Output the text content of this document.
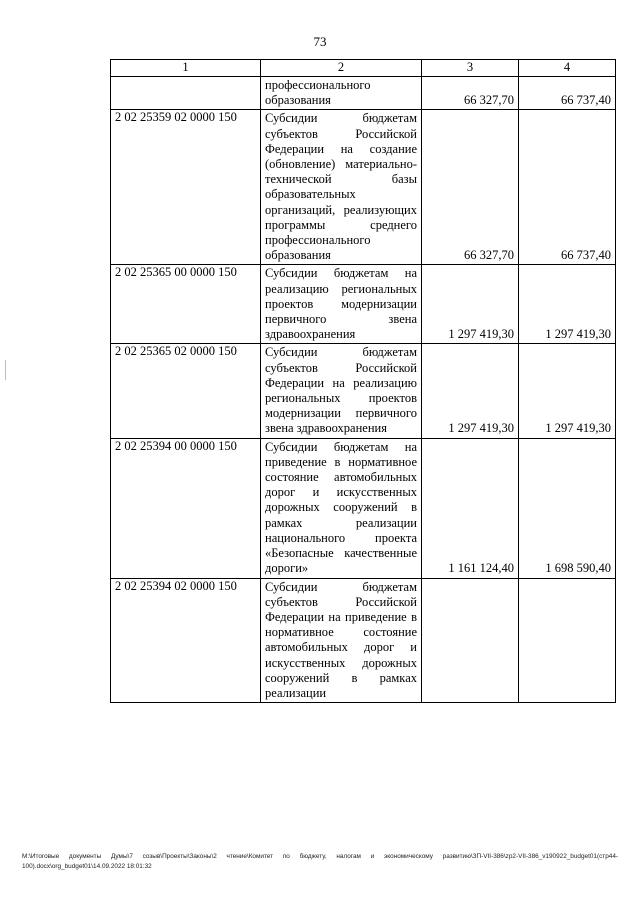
73
1	2	3	4
	профессионального образования	66 327,70	66 737,40
2 02 25359 02 0000 150	Субсидии бюджетам субъектов Российской Федерации на создание (обновление) материально-технической базы образовательных организаций, реализующих программы среднего профессионального образования	66 327,70	66 737,40
2 02 25365 00 0000 150	Субсидии бюджетам на реализацию региональных проектов модернизации первичного звена здравоохранения	1 297 419,30	1 297 419,30
2 02 25365 02 0000 150	Субсидии бюджетам субъектов Российской Федерации на реализацию региональных проектов модернизации первичного звена здравоохранения	1 297 419,30	1 297 419,30
2 02 25394 00 0000 150	Субсидии бюджетам на приведение в нормативное состояние автомобильных дорог и искусственных дорожных сооружений в рамках реализации национального проекта «Безопасные качественные дороги»	1 161 124,40	1 698 590,40
2 02 25394 02 0000 150	Субсидии бюджетам субъектов Российской Федерации на приведение в нормативное состояние автомобильных дорог и искусственных дорожных сооружений в рамках реализации		
M:\Итоговые документы Думы\7 созыв\Проекты\Законы\2 чтение\Комитет по бюджету, налогам и экономическому развитию\ЗП-VII-386\zp2-VII-386_v190922_budget01(стр44-100).docx\org_budget01\14.09.2022 18:01:32
